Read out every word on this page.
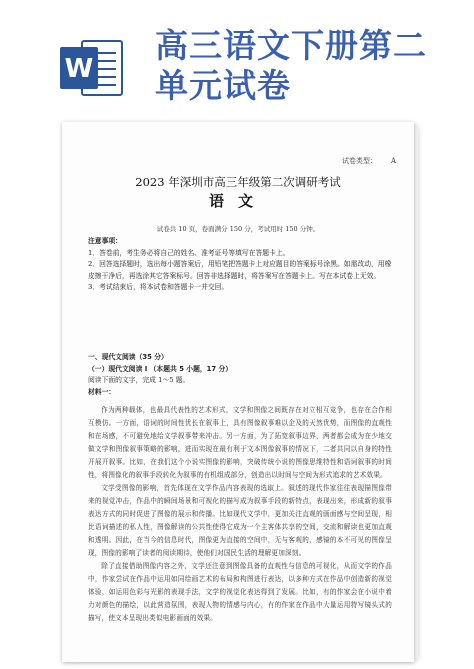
W
高三语文下册第二
单元试卷
试卷类型： A
2023 年深圳市高三年级第二次调研考试
语文
试卷共 10 页，卷面满分 150 分，考试用时 150 分钟。
注意事项：

1．答卷前，考生务必将自己的姓名、准考证号等填写在答题卡上。

2．回答选择题时，选出每小题答案后，用铅笔把答题卡上对应题目的答案标号涂黑。如需改动，用橡皮擦干净后，再选涂其它答案标号。回答非选择题时，将答案写在答题卡上。写在本试卷上无效。

3．考试结束后，将本试卷和答题卡一并交回。

一、现代文阅读（35 分）
（一）现代文阅读 Ⅰ （本题共 5 小题，17 分）
阅读下面的文字，完成 1～5 题。
材料一：

作为两种载体，也最具代表性的艺术形式，文学和图像之间既存在对立相互竞争，也存在合作相互模仿。一方面，语词的时间性优长在叙事上，具有图像叙事难以企及的天然优势，而图像的直观性和在场感，不可避免地给文学叙事带来冲击。另一方面，为了拓宽叙事边界，两者都会成为在少地交做文学和图像叙事策略的影响，进而实现在最有利于文本图像叙事的情况下，二者共同以自身的特性开展开叙事。比如，在我们这个小说实图像的影响，突破传统小说的图像思维特性和语词叙事的时间性，将图像化的叙事手段转化为叙事的有机组成部分，创造出以时间与空间为形式追求的艺术效果。

文学受图像的影响，首先体现在文学作品内容表现的选取上。叙述的现代作家往往表现描图像带来的视觉冲击，作品中的瞬间场景和可视化的描写成为叙事手段的新特点，表现出来，形成新的叙事表达方式的同时促进了图像的展示和传播。比如现代文学中，更加关注直观的画面感与空间呈现，相比语词描述的私人性，图像解读的公共性使得它成为一个主客体共享的空间，交流和解读也更加直观和透明。因此，在当今的信息时代，图像更为直接的空间中，无与客观的，感镜的本不可见的图像呈现，图像的影响了读者的阅读期待，使他们对国民生活的理解更加深刻。

除了直接借助图像内容之外，文学还注意到图像具备的直观性与信息的可视化，从而文学的作品中，作家尝试在作品中运用如同绘画艺术的布局和构图进行表达，以多种方式在作品中创造新的视觉体验，如运用色彩与光影的表现手法，文学的视觉化表达得到了发展。比如，有的作家会在小说中着力对颜色的描绘，以此营造氛围，表现人物的情感与内心，有的作家在作品中大量运用特写镜头式的描写，使文本呈现出类似电影画面的效果。
